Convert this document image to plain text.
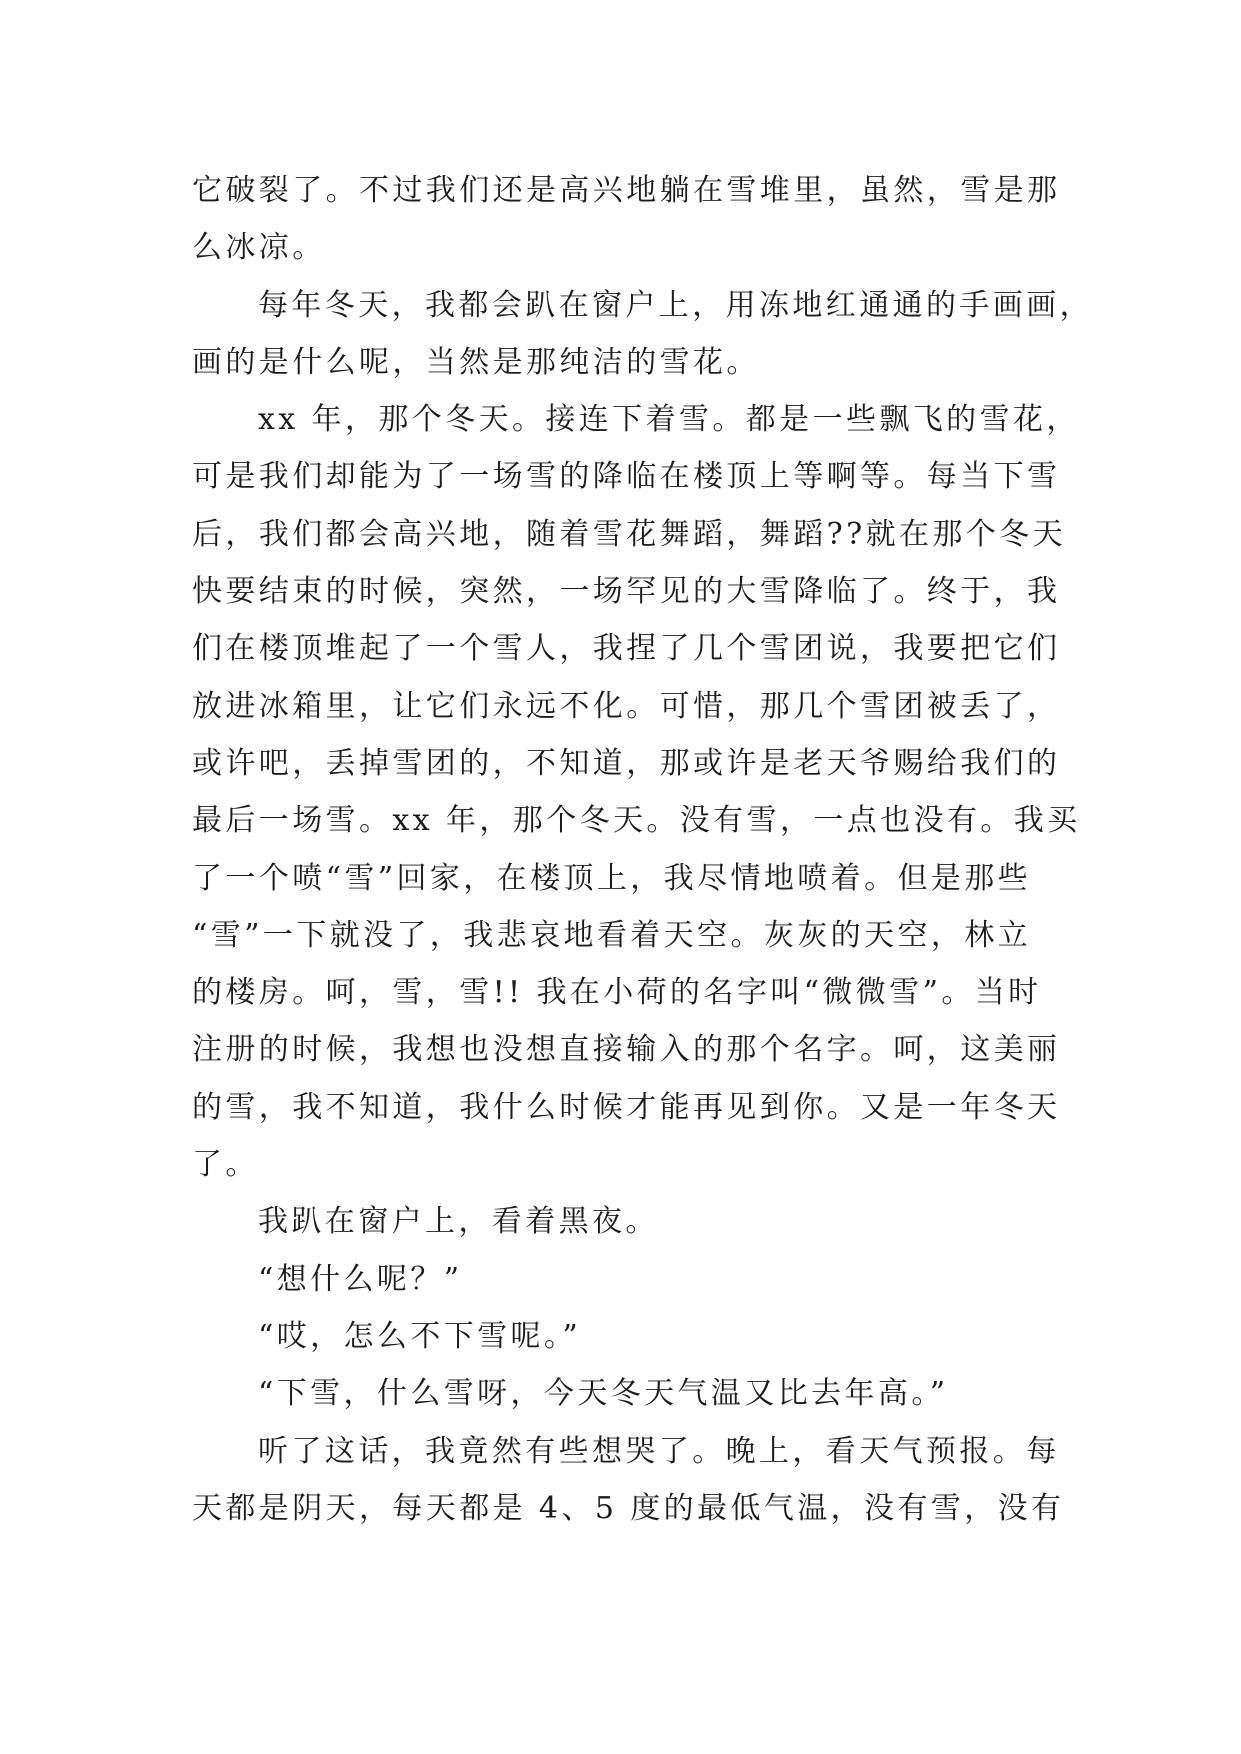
它破裂了。不过我们还是高兴地躺在雪堆里，虽然，雪是那
么冰凉。
每年冬天，我都会趴在窗户上，用冻地红通通的手画画，
画的是什么呢，当然是那纯洁的雪花。
xx 年，那个冬天。接连下着雪。都是一些飘飞的雪花，
可是我们却能为了一场雪的降临在楼顶上等啊等。每当下雪
后，我们都会高兴地，随着雪花舞蹈，舞蹈??就在那个冬天
快要结束的时候，突然，一场罕见的大雪降临了。终于，我
们在楼顶堆起了一个雪人，我捏了几个雪团说，我要把它们
放进冰箱里，让它们永远不化。可惜，那几个雪团被丢了，
或许吧，丢掉雪团的，不知道，那或许是老天爷赐给我们的
最后一场雪。xx 年，那个冬天。没有雪，一点也没有。我买
了一个喷“雪”回家，在楼顶上，我尽情地喷着。但是那些
“雪”一下就没了，我悲哀地看着天空。灰灰的天空，林立
的楼房。呵，雪，雪!! 我在小荷的名字叫“微微雪”。当时
注册的时候，我想也没想直接输入的那个名字。呵，这美丽
的雪，我不知道，我什么时候才能再见到你。又是一年冬天
了。
我趴在窗户上，看着黑夜。
“想什么呢？”
“哎，怎么不下雪呢。”
“下雪，什么雪呀，今天冬天气温又比去年高。”
听了这话，我竟然有些想哭了。晚上，看天气预报。每
天都是阴天，每天都是 4、5 度的最低气温，没有雪，没有
